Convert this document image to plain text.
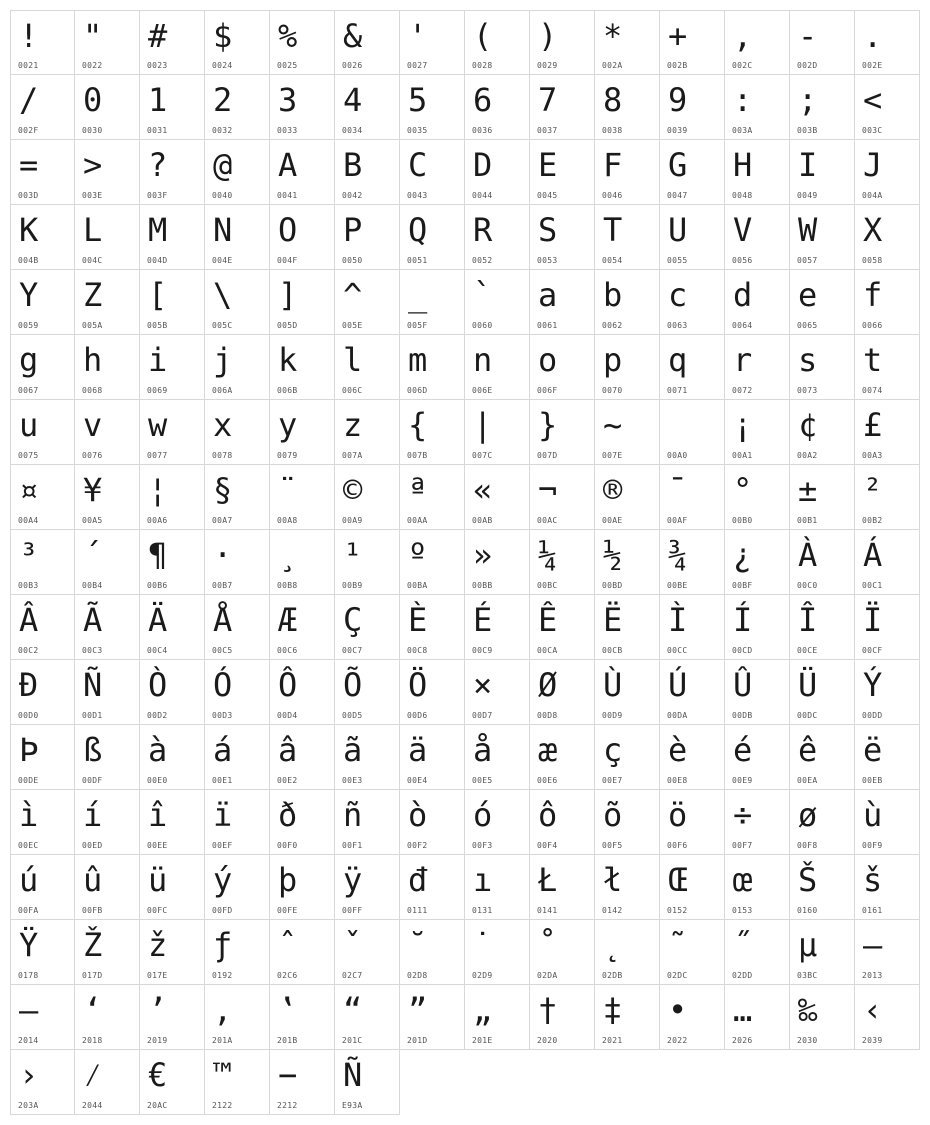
!
0021
"
0022
#
0023
$
0024
%
0025
&
0026
'
0027
(
0028
)
0029
*
002A
+
002B
,
002C
-
002D
.
002E
/
002F
0
0030
1
0031
2
0032
3
0033
4
0034
5
0035
6
0036
7
0037
8
0038
9
0039
:
003A
;
003B
<
003C
=
003D
>
003E
?
003F
@
0040
A
0041
B
0042
C
0043
D
0044
E
0045
F
0046
G
0047
H
0048
I
0049
J
004A
K
004B
L
004C
M
004D
N
004E
O
004F
P
0050
Q
0051
R
0052
S
0053
T
0054
U
0055
V
0056
W
0057
X
0058
Y
0059
Z
005A
[
005B
\
005C
]
005D
^
005E
_
005F
`
0060
a
0061
b
0062
c
0063
d
0064
e
0065
f
0066
g
0067
h
0068
i
0069
j
006A
k
006B
l
006C
m
006D
n
006E
o
006F
p
0070
q
0071
r
0072
s
0073
t
0074
u
0075
v
0076
w
0077
x
0078
y
0079
z
007A
{
007B
|
007C
}
007D
~
007E
	00A0
¡
00A1
¢
00A2
£
00A3
¤
00A4
¥
00A5
¦
00A6
§
00A7
¨
00A8
©
00A9
ª
00AA
«
00AB
¬
00AC
®
00AE
¯
00AF
°
00B0
±
00B1
²
00B2
³
00B3
´
00B4
¶
00B6
·
00B7
¸
00B8
¹
00B9
º
00BA
»
00BB
¼
00BC
½
00BD
¾
00BE
¿
00BF
À
00C0
Á
00C1
Â
00C2
Ã
00C3
Ä
00C4
Å
00C5
Æ
00C6
Ç
00C7
È
00C8
É
00C9
Ê
00CA
Ë
00CB
Ì
00CC
Í
00CD
Î
00CE
Ï
00CF
Ð
00D0
Ñ
00D1
Ò
00D2
Ó
00D3
Ô
00D4
Õ
00D5
Ö
00D6
×
00D7
Ø
00D8
Ù
00D9
Ú
00DA
Û
00DB
Ü
00DC
Ý
00DD
Þ
00DE
ß
00DF
à
00E0
á
00E1
â
00E2
ã
00E3
ä
00E4
å
00E5
æ
00E6
ç
00E7
è
00E8
é
00E9
ê
00EA
ë
00EB
ì
00EC
í
00ED
î
00EE
ï
00EF
ð
00F0
ñ
00F1
ò
00F2
ó
00F3
ô
00F4
õ
00F5
ö
00F6
÷
00F7
ø
00F8
ù
00F9
ú
00FA
û
00FB
ü
00FC
ý
00FD
þ
00FE
ÿ
00FF
đ
0111
ı
0131
Ł
0141
ł
0142
Œ
0152
œ
0153
Š
0160
š
0161
Ÿ
0178
Ž
017D
ž
017E
ƒ
0192
ˆ
02C6
ˇ
02C7
˘
02D8
˙
02D9
˚
02DA
˛
02DB
˜
02DC
˝
02DD
μ
03BC
–
2013
—
2014
‘
2018
’
2019
‚
201A
‛
201B
“
201C
”
201D
„
201E
†
2020
‡
2021
•
2022
…
2026
‰
2030
‹
2039
›
203A
⁄
2044
€
20AC
™
2122
−
2212
Ñ
E93A
